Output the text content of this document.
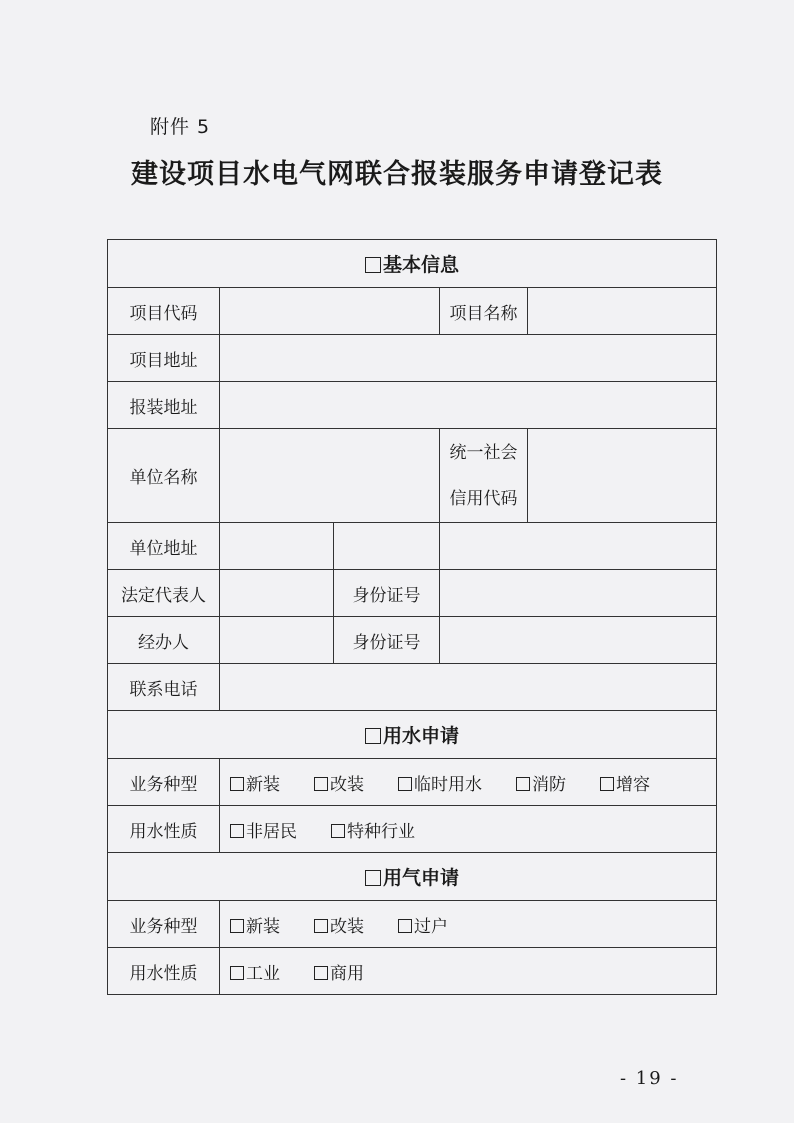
附件 5
建设项目水电气网联合报装服务申请登记表
基本信息				
项目代码			项目名称	
项目地址				
报装地址				
单位名称			统一社会
信用代码	
单位地址				
法定代表人		身份证号		
经办人		身份证号		
联系电话				
用水申请				
业务种型	新装 改装 临时用水 消防 增容			
用水性质	非居民 特种行业			
用气申请				
业务种型	新装 改装 过户			
用水性质	工业 商用			
- 19 -
